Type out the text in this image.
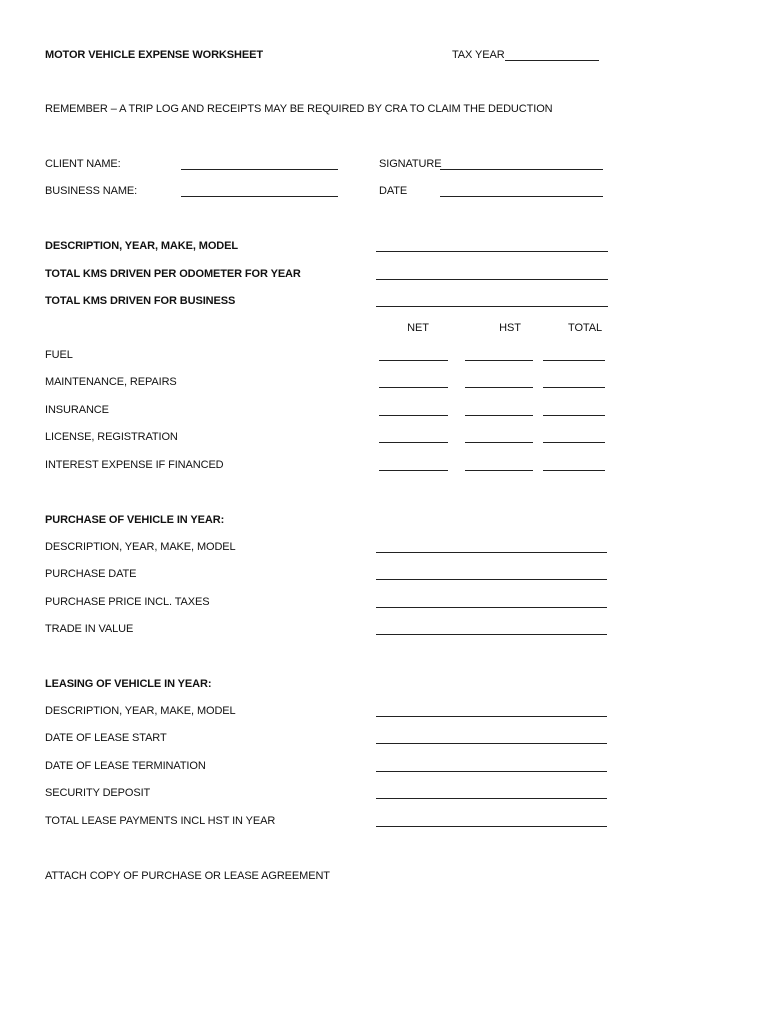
MOTOR VEHICLE EXPENSE WORKSHEET	TAX YEAR
REMEMBER – A TRIP LOG AND RECEIPTS MAY BE REQUIRED BY CRA TO CLAIM THE DEDUCTION
CLIENT NAME:	SIGNATURE
BUSINESS NAME:	DATE
DESCRIPTION, YEAR, MAKE, MODEL
TOTAL KMS DRIVEN PER ODOMETER FOR YEAR
TOTAL KMS DRIVEN FOR BUSINESS
NET	HST	TOTAL
FUEL
MAINTENANCE, REPAIRS
INSURANCE
LICENSE, REGISTRATION
INTEREST EXPENSE IF FINANCED
PURCHASE OF VEHICLE IN YEAR:
DESCRIPTION, YEAR, MAKE, MODEL
PURCHASE DATE
PURCHASE PRICE INCL. TAXES
TRADE IN VALUE
LEASING OF VEHICLE IN YEAR:
DESCRIPTION, YEAR, MAKE, MODEL
DATE OF LEASE START
DATE OF LEASE TERMINATION
SECURITY DEPOSIT
TOTAL LEASE PAYMENTS INCL HST IN YEAR
ATTACH COPY OF PURCHASE OR LEASE AGREEMENT
